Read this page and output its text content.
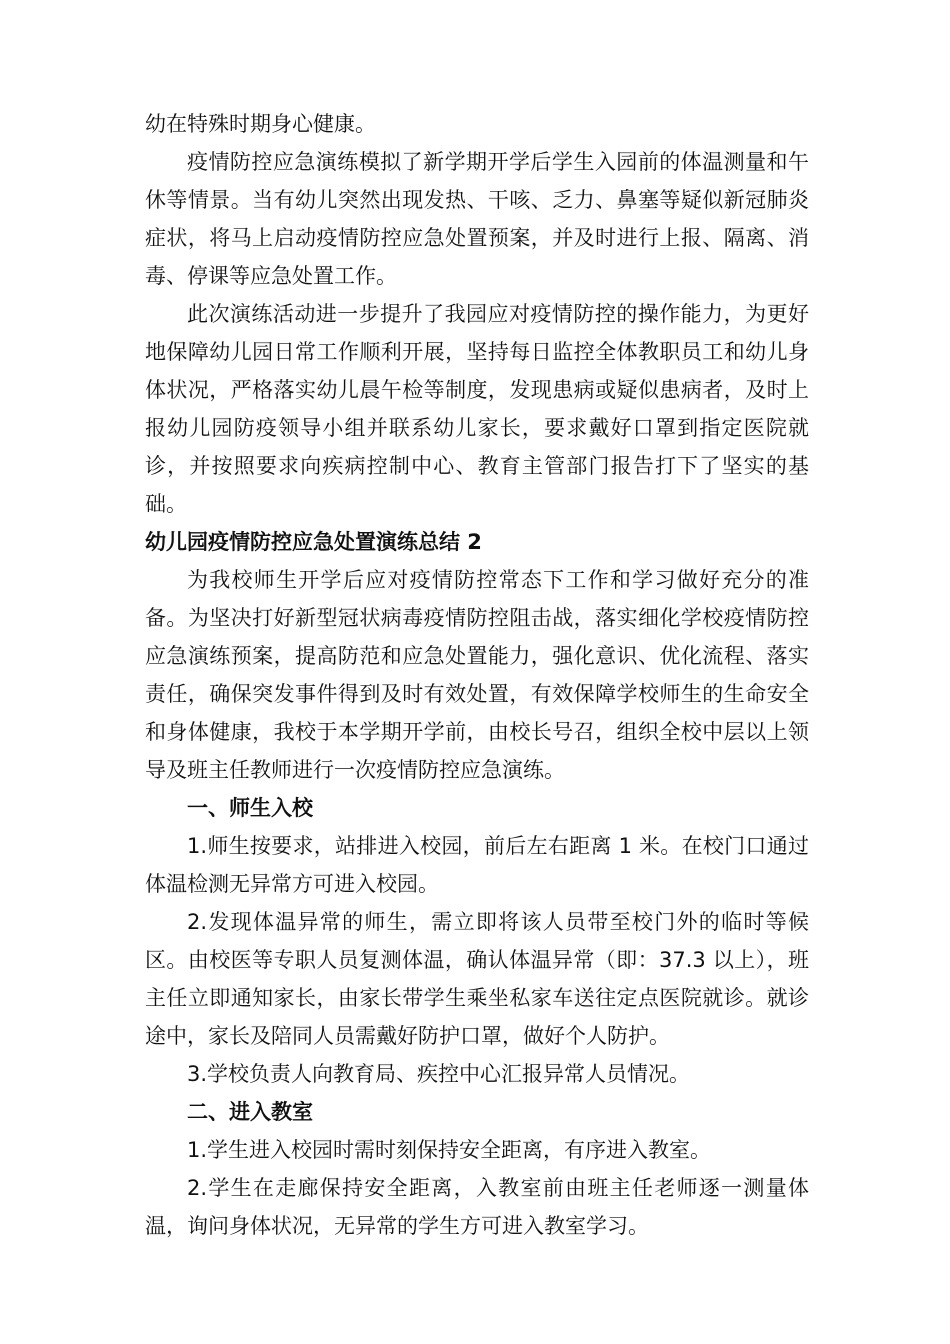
幼在特殊时期身心健康。

疫情防控应急演练模拟了新学期开学后学生入园前的体温测量和午休等情景。当有幼儿突然出现发热、干咳、乏力、鼻塞等疑似新冠肺炎症状，将马上启动疫情防控应急处置预案，并及时进行上报、隔离、消毒、停课等应急处置工作。

此次演练活动进一步提升了我园应对疫情防控的操作能力，为更好地保障幼儿园日常工作顺利开展，坚持每日监控全体教职员工和幼儿身体状况，严格落实幼儿晨午检等制度，发现患病或疑似患病者，及时上报幼儿园防疫领导小组并联系幼儿家长，要求戴好口罩到指定医院就诊，并按照要求向疾病控制中心、教育主管部门报告打下了坚实的基础。

幼儿园疫情防控应急处置演练总结 2

为我校师生开学后应对疫情防控常态下工作和学习做好充分的准备。为坚决打好新型冠状病毒疫情防控阻击战，落实细化学校疫情防控应急演练预案，提高防范和应急处置能力，强化意识、优化流程、落实责任，确保突发事件得到及时有效处置，有效保障学校师生的生命安全和身体健康，我校于本学期开学前，由校长号召，组织全校中层以上领导及班主任教师进行一次疫情防控应急演练。

一、师生入校

1.师生按要求，站排进入校园，前后左右距离 1 米。在校门口通过体温检测无异常方可进入校园。

2.发现体温异常的师生，需立即将该人员带至校门外的临时等候区。由校医等专职人员复测体温，确认体温异常（即：37.3 以上），班主任立即通知家长，由家长带学生乘坐私家车送往定点医院就诊。就诊途中，家长及陪同人员需戴好防护口罩，做好个人防护。

3.学校负责人向教育局、疾控中心汇报异常人员情况。

二、进入教室

1.学生进入校园时需时刻保持安全距离，有序进入教室。

2.学生在走廊保持安全距离，入教室前由班主任老师逐一测量体温，询问身体状况，无异常的学生方可进入教室学习。
